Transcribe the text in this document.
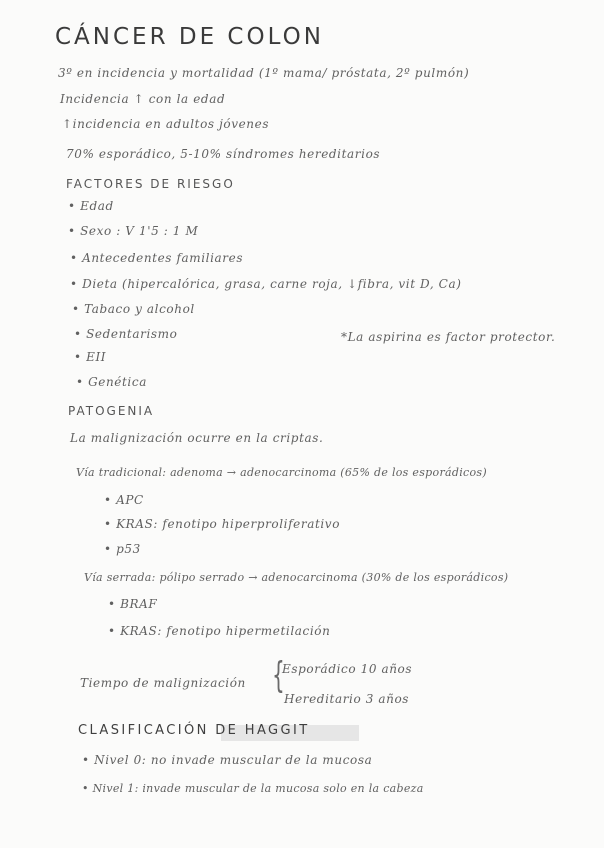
CÁNCER DE COLON
3º en incidencia y mortalidad (1º mama/ próstata, 2º pulmón)
Incidencia ↑ con la edad
↑incidencia en adultos jóvenes
70% esporádico, 5-10% síndromes hereditarios
FACTORES DE RIESGO
• Edad
• Sexo : V 1'5 : 1 M
• Antecedentes familiares
• Dieta (hipercalórica, grasa, carne roja, ↓fibra, vit D, Ca)
• Tabaco y alcohol
• Sedentarismo	*La aspirina es factor protector.
• EII
• Genética
PATOGENIA
La malignización ocurre en la criptas.
Vía tradicional: adenoma → adenocarcinoma (65% de los esporádicos)
• APC
• KRAS: fenotipo hiperproliferativo
• p53
Vía serrada: pólipo serrado → adenocarcinoma (30% de los esporádicos)
• BRAF
• KRAS: fenotipo hipermetilación
Tiempo de malignización {
Esporádico 10 años
Hereditario 3 años
CLASIFICACIÓN DE HAGGIT
• Nivel 0: no invade muscular de la mucosa
• Nivel 1: invade muscular de la mucosa solo en la cabeza
